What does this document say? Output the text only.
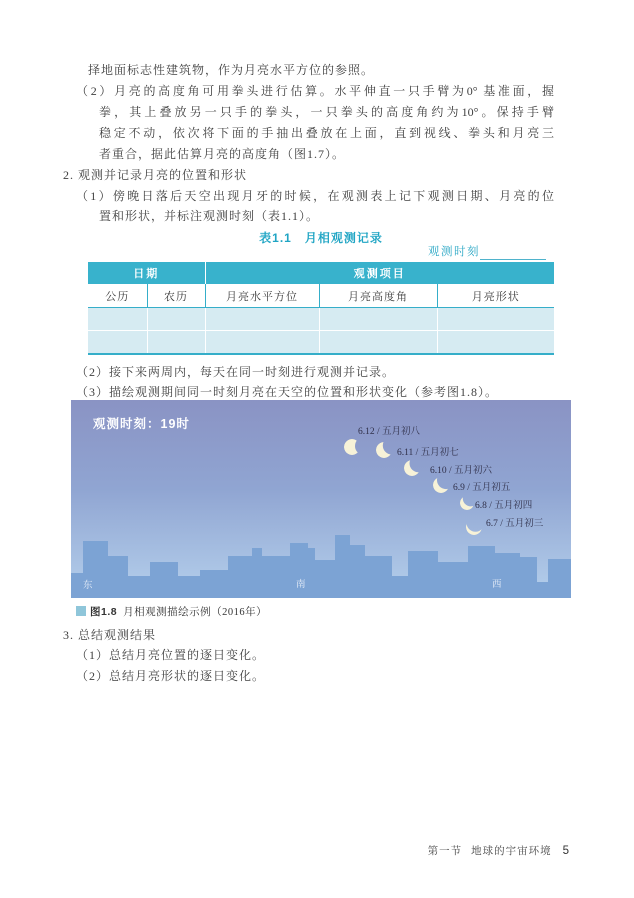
择地面标志性建筑物，作为月亮水平方位的参照。
（2）月亮的高度角可用拳头进行估算。水平伸直一只手臂为0° 基准面，握
拳，其上叠放另一只手的拳头，一只拳头的高度角约为10°。保持手臂
稳定不动，依次将下面的手抽出叠放在上面，直到视线、拳头和月亮三
者重合，据此估算月亮的高度角（图1.7）。
2. 观测并记录月亮的位置和形状
（1）傍晚日落后天空出现月牙的时候，在观测表上记下观测日期、月亮的位
置和形状，并标注观测时刻（表1.1）。
表1.1　月相观测记录
观测时刻
日期		观测项目		
公历	农历	月亮水平方位	月亮高度角	月亮形状

（2）接下来两周内，每天在同一时刻进行观测并记录。
（3）描绘观测期间同一时刻月亮在天空的位置和形状变化（参考图1.8）。
观测时刻：19时
6.12 / 五月初八
6.11 / 五月初七
6.10 / 五月初六
6.9 / 五月初五
6.8 / 五月初四
6.7 / 五月初三
东	南	西
图1.8 月相观测描绘示例（2016年）
3. 总结观测结果
（1）总结月亮位置的逐日变化。
（2）总结月亮形状的逐日变化。
第一节 地球的宇宙环境 5
